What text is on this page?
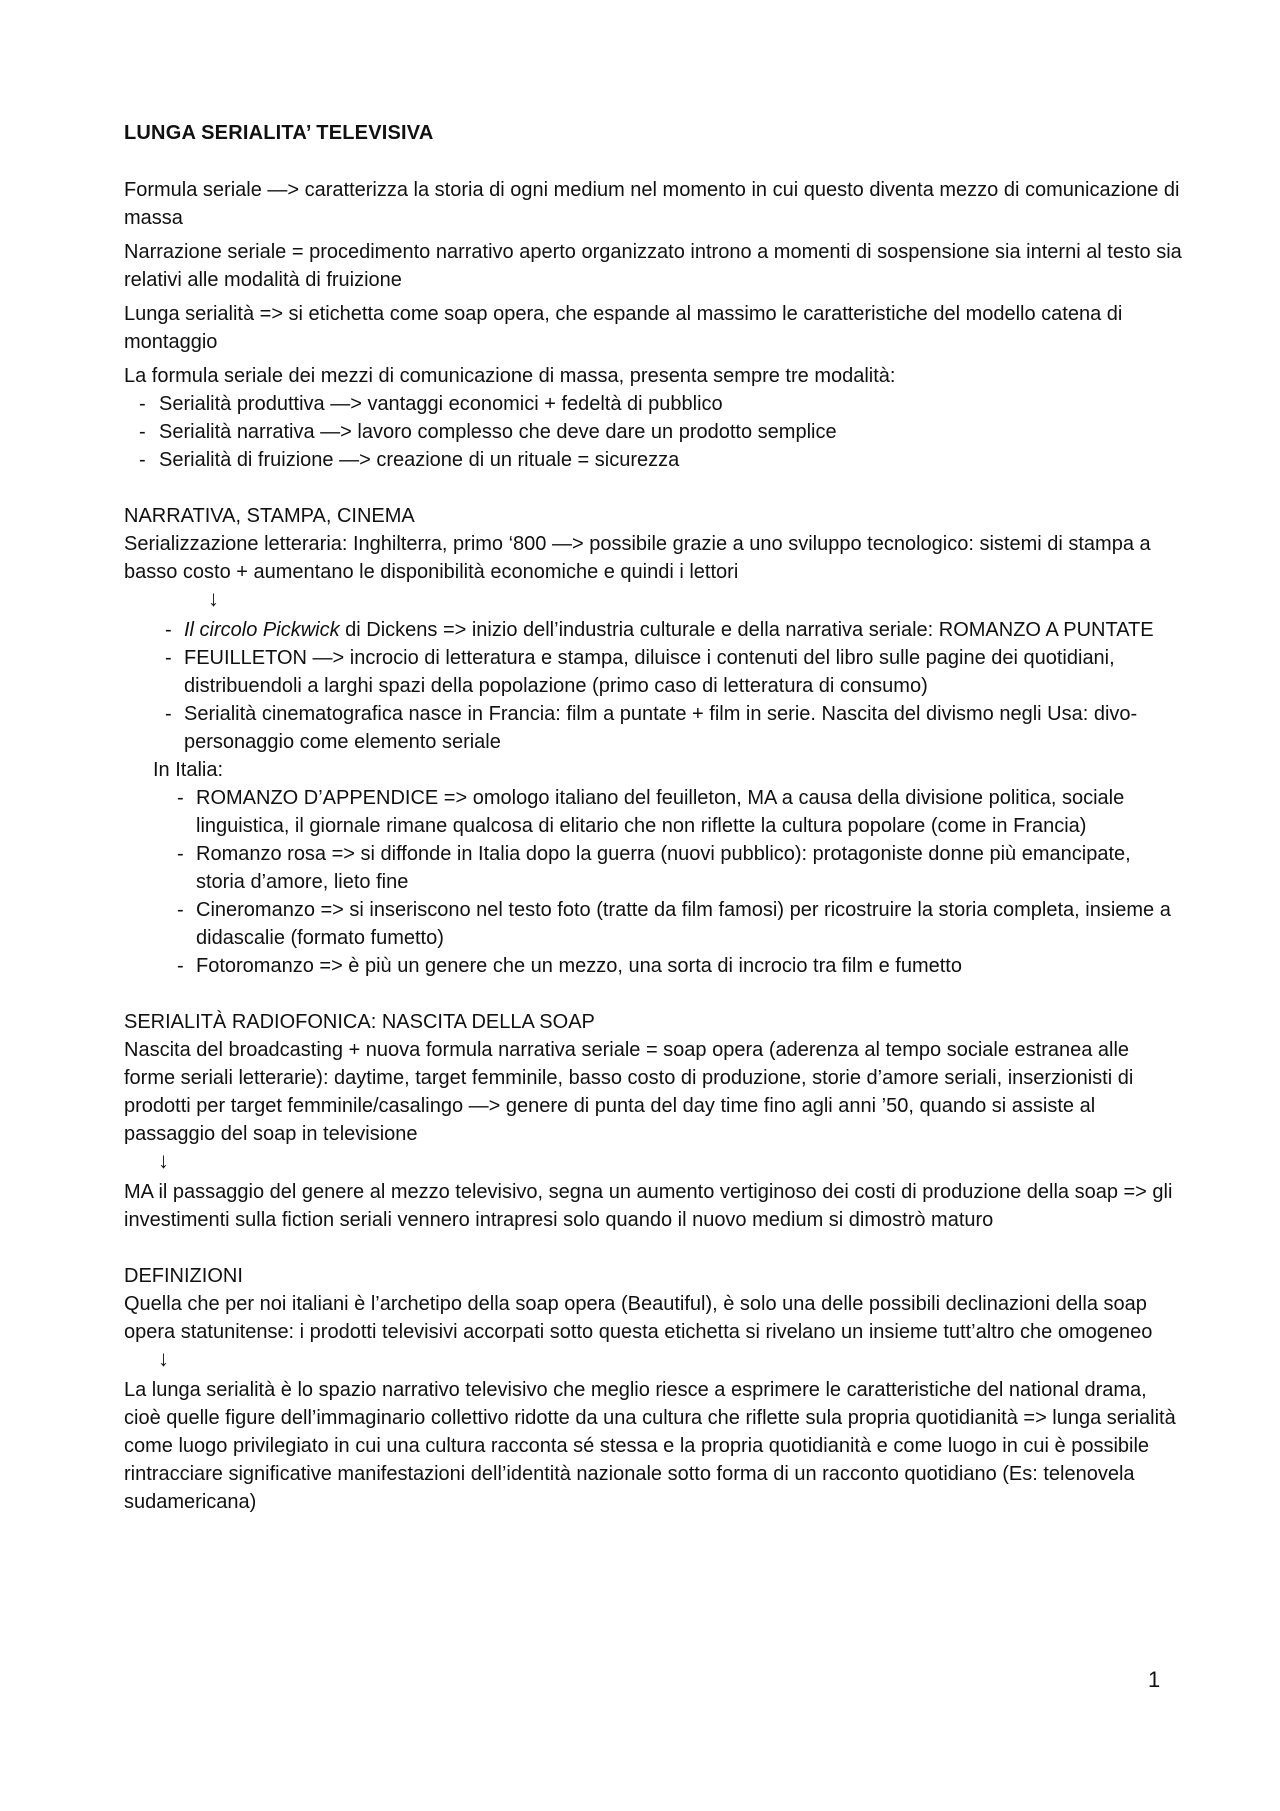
LUNGA SERIALITA’ TELEVISIVA

Formula seriale —> caratterizza la storia di ogni medium nel momento in cui questo diventa mezzo di comunicazione di massa

Narrazione seriale = procedimento narrativo aperto organizzato introno a momenti di sospensione sia interni al testo sia relativi alle modalità di fruizione

Lunga serialità => si etichetta come soap opera, che espande al massimo le caratteristiche del modello catena di montaggio

La formula seriale dei mezzi di comunicazione di massa, presenta sempre tre modalità:

- Serialità produttiva —> vantaggi economici + fedeltà di pubblico
- Serialità narrativa —> lavoro complesso che deve dare un prodotto semplice
- Serialità di fruizione —> creazione di un rituale = sicurezza

NARRATIVA, STAMPA, CINEMA

Serializzazione letteraria: Inghilterra, primo ‘800 —> possibile grazie a uno sviluppo tecnologico: sistemi di stampa a basso costo + aumentano le disponibilità economiche e quindi i lettori

↓
- Il circolo Pickwick di Dickens => inizio dell’industria culturale e della narrativa seriale: ROMANZO A PUNTATE
- FEUILLETON —> incrocio di letteratura e stampa, diluisce i contenuti del libro sulle pagine dei quotidiani, distribuendoli a larghi spazi della popolazione (primo caso di letteratura di consumo)
- Serialità cinematografica nasce in Francia: film a puntate + film in serie. Nascita del divismo negli Usa: divo-personaggio come elemento seriale

In Italia:

- ROMANZO D’APPENDICE => omologo italiano del feuilleton, MA a causa della divisione politica, sociale linguistica, il giornale rimane qualcosa di elitario che non riflette la cultura popolare (come in Francia)
- Romanzo rosa => si diffonde in Italia dopo la guerra (nuovi pubblico): protagoniste donne più emancipate, storia d’amore, lieto fine
- Cineromanzo => si inseriscono nel testo foto (tratte da film famosi) per ricostruire la storia completa, insieme a didascalie (formato fumetto)
- Fotoromanzo => è più un genere che un mezzo, una sorta di incrocio tra film e fumetto

SERIALITÀ RADIOFONICA: NASCITA DELLA SOAP

Nascita del broadcasting + nuova formula narrativa seriale = soap opera (aderenza al tempo sociale estranea alle forme seriali letterarie): daytime, target femminile, basso costo di produzione, storie d’amore seriali, inserzionisti di prodotti per target femminile/casalingo —> genere di punta del day time fino agli anni ’50, quando si assiste al passaggio del soap in televisione

↓

MA il passaggio del genere al mezzo televisivo, segna un aumento vertiginoso dei costi di produzione della soap => gli investimenti sulla fiction seriali vennero intrapresi solo quando il nuovo medium si dimostrò maturo

DEFINIZIONI

Quella che per noi italiani è l’archetipo della soap opera (Beautiful), è solo una delle possibili declinazioni della soap opera statunitense: i prodotti televisivi accorpati sotto questa etichetta si rivelano un insieme tutt’altro che omogeneo

↓

La lunga serialità è lo spazio narrativo televisivo che meglio riesce a esprimere le caratteristiche del national drama, cioè quelle figure dell’immaginario collettivo ridotte da una cultura che riflette sula propria quotidianità => lunga serialità come luogo privilegiato in cui una cultura racconta sé stessa e la propria quotidianità e come luogo in cui è possibile rintracciare significative manifestazioni dell’identità nazionale sotto forma di un racconto quotidiano (Es: telenovela sudamericana)

1
